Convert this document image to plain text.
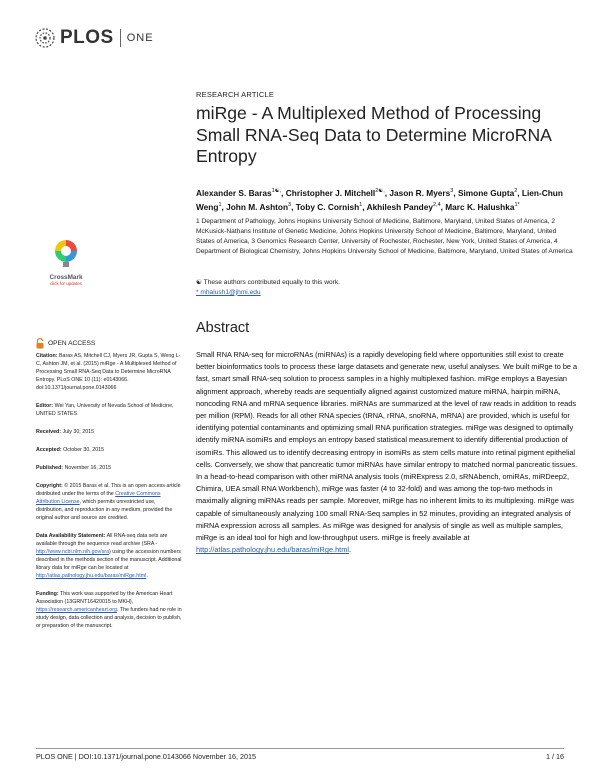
PLOS ONE
RESEARCH ARTICLE
miRge - A Multiplexed Method of Processing Small RNA-Seq Data to Determine MicroRNA Entropy
Alexander S. Baras$^{1☯,}$, Christopher J. Mitchell$^{2☯,}$, Jason R. Myers$^3$, Simone Gupta$^2$, Lien-Chun Weng$^1$, John M. Ashton$^3$, Toby C. Cornish$^1$, Akhilesh Pandey$^{2,4}$, Marc K. Halushka$^{1*}$
1 Department of Pathology, Johns Hopkins University School of Medicine, Baltimore, Maryland, United States of America, 2 McKusick-Nathans Institute of Genetic Medicine, Johns Hopkins University School of Medicine, Baltimore, Maryland, United States of America, 3 Genomics Research Center, University of Rochester, Rochester, New York, United States of America, 4 Department of Biological Chemistry, Johns Hopkins University School of Medicine, Baltimore, Maryland, United States of America
☯ These authors contributed equally to this work.
* mhalush1@jhmi.edu
CrossMark
click for updates
OPEN ACCESS

Citation: Baras AS, Mitchell CJ, Myers JR, Gupta S, Weng L-C, Ashton JM, et al. (2015) miRge - A Multiplexed Method of Processing Small RNA-Seq Data to Determine MicroRNA Entropy. PLoS ONE 10 (11): e0143066. doi:10.1371/journal.pone.0143066

Editor: Wei Yan, University of Nevada School of Medicine, UNITED STATES

Received: July 30, 2015

Accepted: October 30, 2015

Published: November 16, 2015

Copyright: © 2015 Baras et al. This is an open access article distributed under the terms of the Creative Commons Attribution License, which permits unrestricted use, distribution, and reproduction in any medium, provided the original author and source are credited.

Data Availability Statement: All RNA-seq data sets are available through the sequence read archive (SRA - http://www.ncbi.nlm.nih.gov/sra) using the accession numbers described in the methods section of the manuscript. Additional library data for miRge can be located at http://atlas.pathology.jhu.edu/baras/miRge.html.

Funding: This work was supported by the American Heart Association (13GRNT16420015 to MKH), https://research.americanheart.org. The funders had no role in study design, data collection and analysis, decision to publish, or preparation of the manuscript.

Abstract

Small RNA RNA-seq for microRNAs (miRNAs) is a rapidly developing field where opportunities still exist to create better bioinformatics tools to process these large datasets and generate new, useful analyses. We built miRge to be a fast, smart small RNA-seq solution to process samples in a highly multiplexed fashion. miRge employs a Bayesian alignment approach, whereby reads are sequentially aligned against customized mature miRNA, hairpin miRNA, noncoding RNA and mRNA sequence libraries. miRNAs are summarized at the level of raw reads in addition to reads per million (RPM). Reads for all other RNA species (tRNA, rRNA, snoRNA, mRNA) are provided, which is useful for identifying potential contaminants and optimizing small RNA purification strategies. miRge was designed to optimally identify miRNA isomiRs and employs an entropy based statistical measurement to identify differential production of isomiRs. This allowed us to identify decreasing entropy in isomiRs as stem cells mature into retinal pigment epithelial cells. Conversely, we show that pancreatic tumor miRNAs have similar entropy to matched normal pancreatic tissues. In a head-to-head comparison with other miRNA analysis tools (miRExpress 2.0, sRNAbench, omiRAs, miRDeep2, Chimira, UEA small RNA Workbench), miRge was faster (4 to 32-fold) and was among the top-two methods in maximally aligning miRNAs reads per sample. Moreover, miRge has no inherent limits to its multiplexing. miRge was capable of simultaneously analyzing 100 small RNA-Seq samples in 52 minutes, providing an integrated analysis of miRNA expression across all samples. As miRge was designed for analysis of single as well as multiple samples, miRge is an ideal tool for high and low-throughput users. miRge is freely available at http://atlas.pathology.jhu.edu/baras/miRge.html.

PLOS ONE | DOI:10.1371/journal.pone.0143066 November 16, 2015	1 / 16
